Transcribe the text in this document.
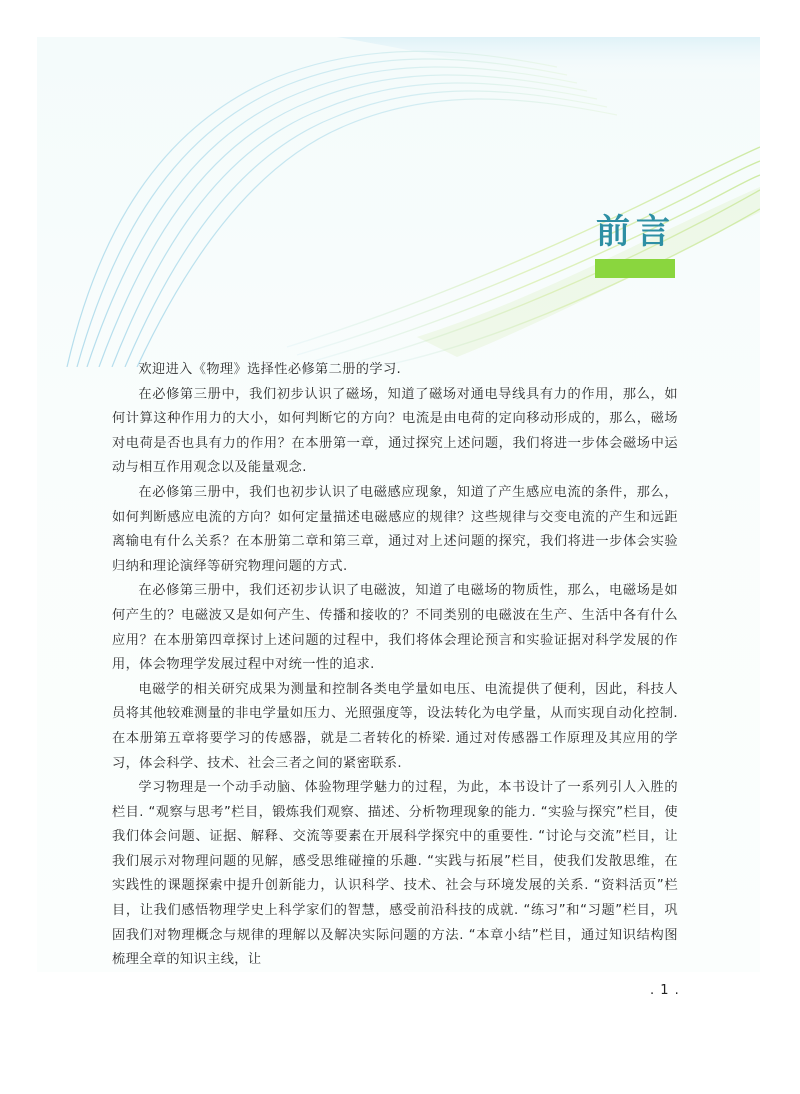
前言

欢迎进入《物理》选择性必修第二册的学习.

在必修第三册中，我们初步认识了磁场，知道了磁场对通电导线具有力的作用，那么，如何计算这种作用力的大小，如何判断它的方向？电流是由电荷的定向移动形成的，那么，磁场对电荷是否也具有力的作用？在本册第一章，通过探究上述问题，我们将进一步体会磁场中运动与相互作用观念以及能量观念.

在必修第三册中，我们也初步认识了电磁感应现象，知道了产生感应电流的条件，那么，如何判断感应电流的方向？如何定量描述电磁感应的规律？这些规律与交变电流的产生和远距离输电有什么关系？在本册第二章和第三章，通过对上述问题的探究，我们将进一步体会实验归纳和理论演绎等研究物理问题的方式.

在必修第三册中，我们还初步认识了电磁波，知道了电磁场的物质性，那么，电磁场是如何产生的？电磁波又是如何产生、传播和接收的？不同类别的电磁波在生产、生活中各有什么应用？在本册第四章探讨上述问题的过程中，我们将体会理论预言和实验证据对科学发展的作用，体会物理学发展过程中对统一性的追求.

电磁学的相关研究成果为测量和控制各类电学量如电压、电流提供了便利，因此，科技人员将其他较难测量的非电学量如压力、光照强度等，设法转化为电学量，从而实现自动化控制. 在本册第五章将要学习的传感器，就是二者转化的桥梁. 通过对传感器工作原理及其应用的学习，体会科学、技术、社会三者之间的紧密联系.

学习物理是一个动手动脑、体验物理学魅力的过程，为此，本书设计了一系列引人入胜的栏目. “观察与思考”栏目，锻炼我们观察、描述、分析物理现象的能力. “实验与探究”栏目，使我们体会问题、证据、解释、交流等要素在开展科学探究中的重要性. “讨论与交流”栏目，让我们展示对物理问题的见解，感受思维碰撞的乐趣. “实践与拓展”栏目，使我们发散思维，在实践性的课题探索中提升创新能力，认识科学、技术、社会与环境发展的关系. “资料活页”栏目，让我们感悟物理学史上科学家们的智慧，感受前沿科技的成就. “练习”和“习题”栏目，巩固我们对物理概念与规律的理解以及解决实际问题的方法. “本章小结”栏目，通过知识结构图梳理全章的知识主线，让

. 1 .
